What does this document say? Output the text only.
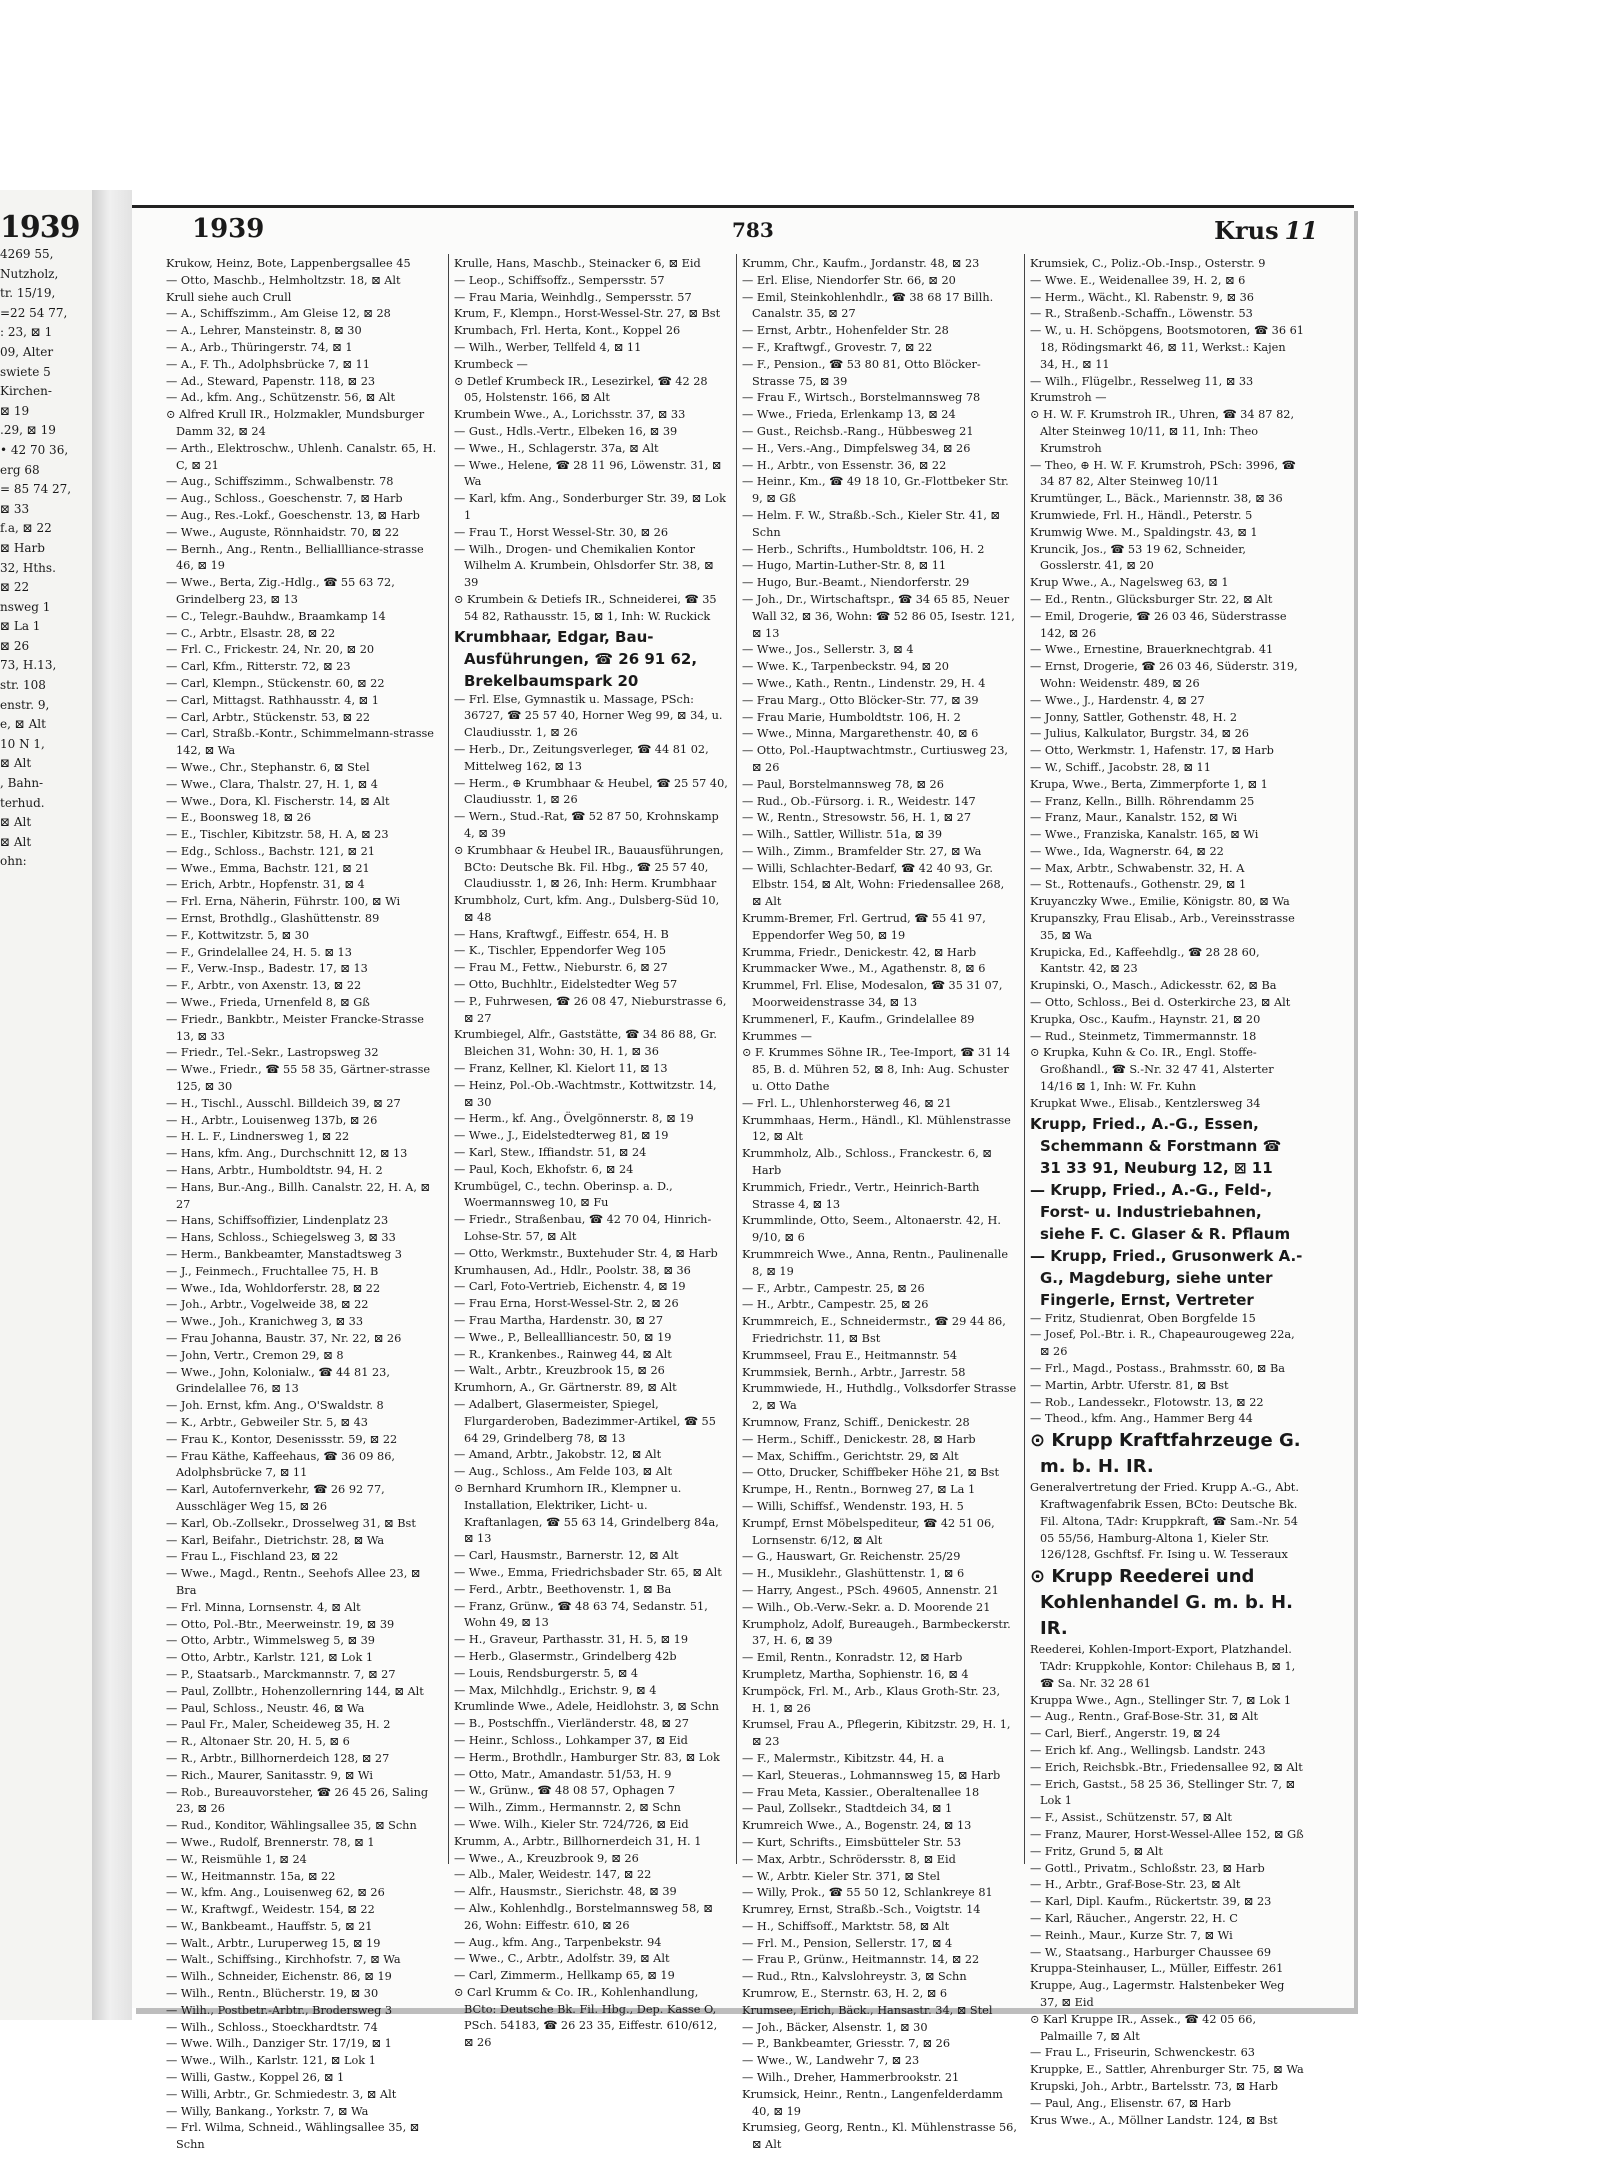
1939
4269 55,
Nutzholz,
tr. 15/19,
=22 54 77,
: 23, ⊠ 1
09, Alter
swiete 5
Kirchen-
⊠ 19
.29, ⊠ 19
• 42 70 36,
erg 68
= 85 74 27,
⊠ 33
f.a, ⊠ 22
⊠ Harb
32, Hths.
⊠ 22
nsweg 1
⊠ La 1
⊠ 26
73, H.13,
str. 108
enstr. 9,
e, ⊠ Alt
10 N 1,
⊠ Alt
, Bahn-
terhud.
⊠ Alt
⊠ Alt
ohn:
1939	783	Krus 11

Krukow, Heinz, Bote, Lappenbergsallee 45

— Otto, Maschb., Helmholtzstr. 18, ⊠ Alt

Krull siehe auch Crull

— A., Schiffszimm., Am Gleise 12, ⊠ 28

— A., Lehrer, Mansteinstr. 8, ⊠ 30

— A., Arb., Thüringerstr. 74, ⊠ 1

— A., F. Th., Adolphsbrücke 7, ⊠ 11

— Ad., Steward, Papenstr. 118, ⊠ 23

— Ad., kfm. Ang., Schützenstr. 56, ⊠ Alt

⊙ Alfred Krull IR., Holzmakler, Mundsburger Damm 32, ⊠ 24

— Arth., Elektroschw., Uhlenh. Canalstr. 65, H. C, ⊠ 21

— Aug., Schiffszimm., Schwalbenstr. 78

— Aug., Schloss., Goeschenstr. 7, ⊠ Harb

— Aug., Res.-Lokf., Goeschenstr. 13, ⊠ Harb

— Wwe., Auguste, Rönnhaidstr. 70, ⊠ 22

— Bernh., Ang., Rentn., Belliallliance-strasse 46, ⊠ 19

— Wwe., Berta, Zig.-Hdlg., ☎ 55 63 72, Grindelberg 23, ⊠ 13

— C., Telegr.-Bauhdw., Braamkamp 14

— C., Arbtr., Elsastr. 28, ⊠ 22

— Frl. C., Frickestr. 24, Nr. 20, ⊠ 20

— Carl, Kfm., Ritterstr. 72, ⊠ 23

— Carl, Klempn., Stückenstr. 60, ⊠ 22

— Carl, Mittagst. Rathhausstr. 4, ⊠ 1

— Carl, Arbtr., Stückenstr. 53, ⊠ 22

— Carl, Straßb.-Kontr., Schimmelmann-strasse 142, ⊠ Wa

— Wwe., Chr., Stephanstr. 6, ⊠ Stel

— Wwe., Clara, Thalstr. 27, H. 1, ⊠ 4

— Wwe., Dora, Kl. Fischerstr. 14, ⊠ Alt

— E., Boonsweg 18, ⊠ 26

— E., Tischler, Kibitzstr. 58, H. A, ⊠ 23

— Edg., Schloss., Bachstr. 121, ⊠ 21

— Wwe., Emma, Bachstr. 121, ⊠ 21

— Erich, Arbtr., Hopfenstr. 31, ⊠ 4

— Frl. Erna, Näherin, Führstr. 100, ⊠ Wi

— Ernst, Brothdlg., Glashüttenstr. 89

— F., Kottwitzstr. 5, ⊠ 30

— F., Grindelallee 24, H. 5. ⊠ 13

— F., Verw.-Insp., Badestr. 17, ⊠ 13

— F., Arbtr., von Axenstr. 13, ⊠ 22

— Wwe., Frieda, Urnenfeld 8, ⊠ Gß

— Friedr., Bankbtr., Meister Francke-Strasse 13, ⊠ 33

— Friedr., Tel.-Sekr., Lastropsweg 32

— Wwe., Friedr., ☎ 55 58 35, Gärtner-strasse 125, ⊠ 30

— H., Tischl., Ausschl. Billdeich 39, ⊠ 27

— H., Arbtr., Louisenweg 137b, ⊠ 26

— H. L. F., Lindnersweg 1, ⊠ 22

— Hans, kfm. Ang., Durchschnitt 12, ⊠ 13

— Hans, Arbtr., Humboldtstr. 94, H. 2

— Hans, Bur.-Ang., Billh. Canalstr. 22, H. A, ⊠ 27

— Hans, Schiffsoffizier, Lindenplatz 23

— Hans, Schloss., Schiegelsweg 3, ⊠ 33

— Herm., Bankbeamter, Manstadtsweg 3

— J., Feinmech., Fruchtallee 75, H. B

— Wwe., Ida, Wohldorferstr. 28, ⊠ 22

— Joh., Arbtr., Vogelweide 38, ⊠ 22

— Wwe., Joh., Kranichweg 3, ⊠ 33

— Frau Johanna, Baustr. 37, Nr. 22, ⊠ 26

— John, Vertr., Cremon 29, ⊠ 8

— Wwe., John, Kolonialw., ☎ 44 81 23, Grindelallee 76, ⊠ 13

— Joh. Ernst, kfm. Ang., O'Swaldstr. 8

— K., Arbtr., Gebweiler Str. 5, ⊠ 43

— Frau K., Kontor, Desenissstr. 59, ⊠ 22

— Frau Käthe, Kaffeehaus, ☎ 36 09 86, Adolphsbrücke 7, ⊠ 11

— Karl, Autofernverkehr, ☎ 26 92 77, Ausschläger Weg 15, ⊠ 26

— Karl, Ob.-Zollsekr., Drosselweg 31, ⊠ Bst

— Karl, Beifahr., Dietrichstr. 28, ⊠ Wa

— Frau L., Fischland 23, ⊠ 22

— Wwe., Magd., Rentn., Seehofs Allee 23, ⊠ Bra

— Frl. Minna, Lornsenstr. 4, ⊠ Alt

— Otto, Pol.-Btr., Meerweinstr. 19, ⊠ 39

— Otto, Arbtr., Wimmelsweg 5, ⊠ 39

— Otto, Arbtr., Karlstr. 121, ⊠ Lok 1

— P., Staatsarb., Marckmannstr. 7, ⊠ 27

— Paul, Zollbtr., Hohenzollernring 144, ⊠ Alt

— Paul, Schloss., Neustr. 46, ⊠ Wa

— Paul Fr., Maler, Scheideweg 35, H. 2

— R., Altonaer Str. 20, H. 5, ⊠ 6

— R., Arbtr., Billhornerdeich 128, ⊠ 27

— Rich., Maurer, Sanitasstr. 9, ⊠ Wi

— Rob., Bureauvorsteher, ☎ 26 45 26, Saling 23, ⊠ 26

— Rud., Konditor, Wählingsallee 35, ⊠ Schn

— Wwe., Rudolf, Brennerstr. 78, ⊠ 1

— W., Reismühle 1, ⊠ 24

— W., Heitmannstr. 15a, ⊠ 22

— W., kfm. Ang., Louisenweg 62, ⊠ 26

— W., Kraftwgf., Weidestr. 154, ⊠ 22

— W., Bankbeamt., Hauffstr. 5, ⊠ 21

— Walt., Arbtr., Luruperweg 15, ⊠ 19

— Walt., Schiffsing., Kirchhofstr. 7, ⊠ Wa

— Wilh., Schneider, Eichenstr. 86, ⊠ 19

— Wilh., Rentn., Blücherstr. 19, ⊠ 30

— Wilh., Postbetr.-Arbtr., Brodersweg 3

— Wilh., Schloss., Stoeckhardtstr. 74

— Wwe. Wilh., Danziger Str. 17/19, ⊠ 1

— Wwe., Wilh., Karlstr. 121, ⊠ Lok 1

— Willi, Gastw., Koppel 26, ⊠ 1

— Willi, Arbtr., Gr. Schmiedestr. 3, ⊠ Alt

— Willy, Bankang., Yorkstr. 7, ⊠ Wa

— Frl. Wilma, Schneid., Wählingsallee 35, ⊠ Schn

Krulle, Hans, Maschb., Steinacker 6, ⊠ Eid

— Leop., Schiffsoffz., Sempersstr. 57

— Frau Maria, Weinhdlg., Sempersstr. 57

Krum, F., Klempn., Horst-Wessel-Str. 27, ⊠ Bst

Krumbach, Frl. Herta, Kont., Koppel 26

— Wilh., Werber, Tellfeld 4, ⊠ 11

Krumbeck —

⊙ Detlef Krumbeck IR., Lesezirkel, ☎ 42 28 05, Holstenstr. 166, ⊠ Alt

Krumbein Wwe., A., Lorichsstr. 37, ⊠ 33

— Gust., Hdls.-Vertr., Elbeken 16, ⊠ 39

— Wwe., H., Schlagerstr. 37a, ⊠ Alt

— Wwe., Helene, ☎ 28 11 96, Löwenstr. 31, ⊠ Wa

— Karl, kfm. Ang., Sonderburger Str. 39, ⊠ Lok 1

— Frau T., Horst Wessel-Str. 30, ⊠ 26

— Wilh., Drogen- und Chemikalien Kontor Wilhelm A. Krumbein, Ohlsdorfer Str. 38, ⊠ 39

⊙ Krumbein & Detiefs IR., Schneiderei, ☎ 35 54 82, Rathausstr. 15, ⊠ 1, Inh: W. Ruckick

Krumbhaar, Edgar, Bau-Ausführungen, ☎ 26 91 62, Brekelbaumspark 20

— Frl. Else, Gymnastik u. Massage, PSch: 36727, ☎ 25 57 40, Horner Weg 99, ⊠ 34, u. Claudiusstr. 1, ⊠ 26

— Herb., Dr., Zeitungsverleger, ☎ 44 81 02, Mittelweg 162, ⊠ 13

— Herm., ⊕ Krumbhaar & Heubel, ☎ 25 57 40, Claudiusstr. 1, ⊠ 26

— Wern., Stud.-Rat, ☎ 52 87 50, Krohnskamp 4, ⊠ 39

⊙ Krumbhaar & Heubel IR., Bauausführungen, BCto: Deutsche Bk. Fil. Hbg., ☎ 25 57 40, Claudiusstr. 1, ⊠ 26, Inh: Herm. Krumbhaar

Krumbholz, Curt, kfm. Ang., Dulsberg-Süd 10, ⊠ 48

— Hans, Kraftwgf., Eiffestr. 654, H. B

— K., Tischler, Eppendorfer Weg 105

— Frau M., Fettw., Nieburstr. 6, ⊠ 27

— Otto, Buchhltr., Eidelstedter Weg 57

— P., Fuhrwesen, ☎ 26 08 47, Nieburstrasse 6, ⊠ 27

Krumbiegel, Alfr., Gaststätte, ☎ 34 86 88, Gr. Bleichen 31, Wohn: 30, H. 1, ⊠ 36

— Franz, Kellner, Kl. Kielort 11, ⊠ 13

— Heinz, Pol.-Ob.-Wachtmstr., Kottwitzstr. 14, ⊠ 30

— Herm., kf. Ang., Övelgönnerstr. 8, ⊠ 19

— Wwe., J., Eidelstedterweg 81, ⊠ 19

— Karl, Stew., Iffiandstr. 51, ⊠ 24

— Paul, Koch, Ekhofstr. 6, ⊠ 24

Krumbügel, C., techn. Oberinsp. a. D., Woermannsweg 10, ⊠ Fu

— Friedr., Straßenbau, ☎ 42 70 04, Hinrich-Lohse-Str. 57, ⊠ Alt

— Otto, Werkmstr., Buxtehuder Str. 4, ⊠ Harb

Krumhausen, Ad., Hdlr., Poolstr. 38, ⊠ 36

— Carl, Foto-Vertrieb, Eichenstr. 4, ⊠ 19

— Frau Erna, Horst-Wessel-Str. 2, ⊠ 26

— Frau Martha, Hardenstr. 30, ⊠ 27

— Wwe., P., Belleallliancestr. 50, ⊠ 19

— R., Krankenbes., Rainweg 44, ⊠ Alt

— Walt., Arbtr., Kreuzbrook 15, ⊠ 26

Krumhorn, A., Gr. Gärtnerstr. 89, ⊠ Alt

— Adalbert, Glasermeister, Spiegel, Flurgarderoben, Badezimmer-Artikel, ☎ 55 64 29, Grindelberg 78, ⊠ 13

— Amand, Arbtr., Jakobstr. 12, ⊠ Alt

— Aug., Schloss., Am Felde 103, ⊠ Alt

⊙ Bernhard Krumhorn IR., Klempner u. Installation, Elektriker, Licht- u. Kraftanlagen, ☎ 55 63 14, Grindelberg 84a, ⊠ 13

— Carl, Hausmstr., Barnerstr. 12, ⊠ Alt

— Wwe., Emma, Friedrichsbader Str. 65, ⊠ Alt

— Ferd., Arbtr., Beethovenstr. 1, ⊠ Ba

— Franz, Grünw., ☎ 48 63 74, Sedanstr. 51, Wohn 49, ⊠ 13

— H., Graveur, Parthasstr. 31, H. 5, ⊠ 19

— Herb., Glasermstr., Grindelberg 42b

— Louis, Rendsburgerstr. 5, ⊠ 4

— Max, Milchhdlg., Erichstr. 9, ⊠ 4

Krumlinde Wwe., Adele, Heidlohstr. 3, ⊠ Schn

— B., Postschffn., Vierländerstr. 48, ⊠ 27

— Heinr., Schloss., Lohkamper 37, ⊠ Eid

— Herm., Brothdlr., Hamburger Str. 83, ⊠ Lok

— Otto, Matr., Amandastr. 51/53, H. 9

— W., Grünw., ☎ 48 08 57, Ophagen 7

— Wilh., Zimm., Hermannstr. 2, ⊠ Schn

— Wwe. Wilh., Kieler Str. 724/726, ⊠ Eid

Krumm, A., Arbtr., Billhornerdeich 31, H. 1

— Wwe., A., Kreuzbrook 9, ⊠ 26

— Alb., Maler, Weidestr. 147, ⊠ 22

— Alfr., Hausmstr., Sierichstr. 48, ⊠ 39

— Alw., Kohlenhdlg., Borstelmannsweg 58, ⊠ 26, Wohn: Eiffestr. 610, ⊠ 26

— Aug., kfm. Ang., Tarpenbekstr. 94

— Wwe., C., Arbtr., Adolfstr. 39, ⊠ Alt

— Carl, Zimmerm., Hellkamp 65, ⊠ 19

⊙ Carl Krumm & Co. IR., Kohlenhandlung, BCto: Deutsche Bk. Fil. Hbg., Dep. Kasse O, PSch. 54183, ☎ 26 23 35, Eiffestr. 610/612, ⊠ 26

Krumm, Chr., Kaufm., Jordanstr. 48, ⊠ 23

— Erl. Elise, Niendorfer Str. 66, ⊠ 20

— Emil, Steinkohlenhdlr., ☎ 38 68 17 Billh. Canalstr. 35, ⊠ 27

— Ernst, Arbtr., Hohenfelder Str. 28

— F., Kraftwgf., Grovestr. 7, ⊠ 22

— F., Pension., ☎ 53 80 81, Otto Blöcker-Strasse 75, ⊠ 39

— Frau F., Wirtsch., Borstelmannsweg 78

— Wwe., Frieda, Erlenkamp 13, ⊠ 24

— Gust., Reichsb.-Rang., Hübbesweg 21

— H., Vers.-Ang., Dimpfelsweg 34, ⊠ 26

— H., Arbtr., von Essenstr. 36, ⊠ 22

— Heinr., Km., ☎ 49 18 10, Gr.-Flottbeker Str. 9, ⊠ Gß

— Helm. F. W., Straßb.-Sch., Kieler Str. 41, ⊠ Schn

— Herb., Schrifts., Humboldtstr. 106, H. 2

— Hugo, Martin-Luther-Str. 8, ⊠ 11

— Hugo, Bur.-Beamt., Niendorferstr. 29

— Joh., Dr., Wirtschaftspr., ☎ 34 65 85, Neuer Wall 32, ⊠ 36, Wohn: ☎ 52 86 05, Isestr. 121, ⊠ 13

— Wwe., Jos., Sellerstr. 3, ⊠ 4

— Wwe. K., Tarpenbeckstr. 94, ⊠ 20

— Wwe., Kath., Rentn., Lindenstr. 29, H. 4

— Frau Marg., Otto Blöcker-Str. 77, ⊠ 39

— Frau Marie, Humboldtstr. 106, H. 2

— Wwe., Minna, Margarethenstr. 40, ⊠ 6

— Otto, Pol.-Hauptwachtmstr., Curtiusweg 23, ⊠ 26

— Paul, Borstelmannsweg 78, ⊠ 26

— Rud., Ob.-Fürsorg. i. R., Weidestr. 147

— W., Rentn., Stresowstr. 56, H. 1, ⊠ 27

— Wilh., Sattler, Willistr. 51a, ⊠ 39

— Wilh., Zimm., Bramfelder Str. 27, ⊠ Wa

— Willi, Schlachter-Bedarf, ☎ 42 40 93, Gr. Elbstr. 154, ⊠ Alt, Wohn: Friedensallee 268, ⊠ Alt

Krumm-Bremer, Frl. Gertrud, ☎ 55 41 97, Eppendorfer Weg 50, ⊠ 19

Krumma, Friedr., Denickestr. 42, ⊠ Harb

Krummacker Wwe., M., Agathenstr. 8, ⊠ 6

Krummel, Frl. Elise, Modesalon, ☎ 35 31 07, Moorweidenstrasse 34, ⊠ 13

Krummenerl, F., Kaufm., Grindelallee 89

Krummes —

⊙ F. Krummes Söhne IR., Tee-Import, ☎ 31 14 85, B. d. Mühren 52, ⊠ 8, Inh: Aug. Schuster u. Otto Dathe

— Frl. L., Uhlenhorsterweg 46, ⊠ 21

Krummhaas, Herm., Händl., Kl. Mühlenstrasse 12, ⊠ Alt

Krummholz, Alb., Schloss., Franckestr. 6, ⊠ Harb

Krummich, Friedr., Vertr., Heinrich-Barth Strasse 4, ⊠ 13

Krummlinde, Otto, Seem., Altonaerstr. 42, H. 9/10, ⊠ 6

Krummreich Wwe., Anna, Rentn., Paulinenalle 8, ⊠ 19

— F., Arbtr., Campestr. 25, ⊠ 26

— H., Arbtr., Campestr. 25, ⊠ 26

Krummreich, E., Schneidermstr., ☎ 29 44 86, Friedrichstr. 11, ⊠ Bst

Krummseel, Frau E., Heitmannstr. 54

Krummsiek, Bernh., Arbtr., Jarrestr. 58

Krummwiede, H., Huthdlg., Volksdorfer Strasse 2, ⊠ Wa

Krumnow, Franz, Schiff., Denickestr. 28

— Herm., Schiff., Denickestr. 28, ⊠ Harb

— Max, Schiffm., Gerichtstr. 29, ⊠ Alt

— Otto, Drucker, Schiffbeker Höhe 21, ⊠ Bst

Krumpe, H., Rentn., Bornweg 27, ⊠ La 1

— Willi, Schiffsf., Wendenstr. 193, H. 5

Krumpf, Ernst Möbelspediteur, ☎ 42 51 06, Lornsenstr. 6/12, ⊠ Alt

— G., Hauswart, Gr. Reichenstr. 25/29

— H., Musiklehr., Glashüttenstr. 1, ⊠ 6

— Harry, Angest., PSch. 49605, Annenstr. 21

— Wilh., Ob.-Verw.-Sekr. a. D. Moorende 21

Krumpholz, Adolf, Bureaugeh., Barmbeckerstr. 37, H. 6, ⊠ 39

— Emil, Rentn., Konradstr. 12, ⊠ Harb

Krumpletz, Martha, Sophienstr. 16, ⊠ 4

Krumpöck, Frl. M., Arb., Klaus Groth-Str. 23, H. 1, ⊠ 26

Krumsel, Frau A., Pflegerin, Kibitzstr. 29, H. 1, ⊠ 23

— F., Malermstr., Kibitzstr. 44, H. a

— Karl, Steueras., Lohmannsweg 15, ⊠ Harb

— Frau Meta, Kassier., Oberaltenallee 18

— Paul, Zollsekr., Stadtdeich 34, ⊠ 1

Krumreich Wwe., A., Bogenstr. 24, ⊠ 13

— Kurt, Schrifts., Eimsbütteler Str. 53

— Max, Arbtr., Schrödersstr. 8, ⊠ Eid

— W., Arbtr. Kieler Str. 371, ⊠ Stel

— Willy, Prok., ☎ 55 50 12, Schlankreye 81

Krumrey, Ernst, Straßb.-Sch., Voigtstr. 14

— H., Schiffsoff., Marktstr. 58, ⊠ Alt

— Frl. M., Pension, Sellerstr. 17, ⊠ 4

— Frau P., Grünw., Heitmannstr. 14, ⊠ 22

— Rud., Rtn., Kalvslohreystr. 3, ⊠ Schn

Krumrow, E., Sternstr. 63, H. 2, ⊠ 6

Krumsee, Erich, Bäck., Hansastr. 34, ⊠ Stel

— Joh., Bäcker, Alsenstr. 1, ⊠ 30

— P., Bankbeamter, Griesstr. 7, ⊠ 26

— Wwe., W., Landwehr 7, ⊠ 23

— Wilh., Dreher, Hammerbrookstr. 21

Krumsick, Heinr., Rentn., Langenfelderdamm 40, ⊠ 19

Krumsieg, Georg, Rentn., Kl. Mühlenstrasse 56, ⊠ Alt

Krumsiek, C., Poliz.-Ob.-Insp., Osterstr. 9

— Wwe. E., Weidenallee 39, H. 2, ⊠ 6

— Herm., Wächt., Kl. Rabenstr. 9, ⊠ 36

— R., Straßenb.-Schaffn., Löwenstr. 53

— W., u. H. Schöpgens, Bootsmotoren, ☎ 36 61 18, Rödingsmarkt 46, ⊠ 11, Werkst.: Kajen 34, H., ⊠ 11

— Wilh., Flügelbr., Resselweg 11, ⊠ 33

Krumstroh —

⊙ H. W. F. Krumstroh IR., Uhren, ☎ 34 87 82, Alter Steinweg 10/11, ⊠ 11, Inh: Theo Krumstroh

— Theo, ⊕ H. W. F. Krumstroh, PSch: 3996, ☎ 34 87 82, Alter Steinweg 10/11

Krumtünger, L., Bäck., Mariennstr. 38, ⊠ 36

Krumwiede, Frl. H., Händl., Peterstr. 5

Krumwig Wwe. M., Spaldingstr. 43, ⊠ 1

Kruncik, Jos., ☎ 53 19 62, Schneider, Gosslerstr. 41, ⊠ 20

Krup Wwe., A., Nagelsweg 63, ⊠ 1

— Ed., Rentn., Glücksburger Str. 22, ⊠ Alt

— Emil, Drogerie, ☎ 26 03 46, Süderstrasse 142, ⊠ 26

— Wwe., Ernestine, Brauerknechtgrab. 41

— Ernst, Drogerie, ☎ 26 03 46, Süderstr. 319, Wohn: Weidenstr. 489, ⊠ 26

— Wwe., J., Hardenstr. 4, ⊠ 27

— Jonny, Sattler, Gothenstr. 48, H. 2

— Julius, Kalkulator, Burgstr. 34, ⊠ 26

— Otto, Werkmstr. 1, Hafenstr. 17, ⊠ Harb

— W., Schiff., Jacobstr. 28, ⊠ 11

Krupa, Wwe., Berta, Zimmerpforte 1, ⊠ 1

— Franz, Kelln., Billh. Röhrendamm 25

— Franz, Maur., Kanalstr. 152, ⊠ Wi

— Wwe., Franziska, Kanalstr. 165, ⊠ Wi

— Wwe., Ida, Wagnerstr. 64, ⊠ 22

— Max, Arbtr., Schwabenstr. 32, H. A

— St., Rottenaufs., Gothenstr. 29, ⊠ 1

Kruyanczky Wwe., Emilie, Königstr. 80, ⊠ Wa

Krupanszky, Frau Elisab., Arb., Vereinsstrasse 35, ⊠ Wa

Krupicka, Ed., Kaffeehdlg., ☎ 28 28 60, Kantstr. 42, ⊠ 23

Krupinski, O., Masch., Adickesstr. 62, ⊠ Ba

— Otto, Schloss., Bei d. Osterkirche 23, ⊠ Alt

Krupka, Osc., Kaufm., Haynstr. 21, ⊠ 20

— Rud., Steinmetz, Timmermannstr. 18

⊙ Krupka, Kuhn & Co. IR., Engl. Stoffe-Großhandl., ☎ S.-Nr. 32 47 41, Alsterter 14/16 ⊠ 1, Inh: W. Fr. Kuhn

Krupkat Wwe., Elisab., Kentzlersweg 34

Krupp, Fried., A.-G., Essen, Schemmann & Forstmann ☎ 31 33 91, Neuburg 12, ⊠ 11

— Krupp, Fried., A.-G., Feld-, Forst- u. Industriebahnen, siehe F. C. Glaser & R. Pflaum

— Krupp, Fried., Grusonwerk A.-G., Magdeburg, siehe unter Fingerle, Ernst, Vertreter

— Fritz, Studienrat, Oben Borgfelde 15

— Josef, Pol.-Btr. i. R., Chapeaurougeweg 22a, ⊠ 26

— Frl., Magd., Postass., Brahmsstr. 60, ⊠ Ba

— Martin, Arbtr. Uferstr. 81, ⊠ Bst

— Rob., Landessekr., Flotowstr. 13, ⊠ 22

— Theod., kfm. Ang., Hammer Berg 44

⊙ Krupp Kraftfahrzeuge G. m. b. H. IR.

Generalvertretung der Fried. Krupp A.-G., Abt. Kraftwagenfabrik Essen, BCto: Deutsche Bk. Fil. Altona, TAdr: Kruppkraft, ☎ Sam.-Nr. 54 05 55/56, Hamburg-Altona 1, Kieler Str. 126/128, Gschftsf. Fr. Ising u. W. Tesseraux

⊙ Krupp Reederei und Kohlenhandel G. m. b. H. IR.

Reederei, Kohlen-Import-Export, Platzhandel. TAdr: Kruppkohle, Kontor: Chilehaus B, ⊠ 1, ☎ Sa. Nr. 32 28 61

Kruppa Wwe., Agn., Stellinger Str. 7, ⊠ Lok 1

— Aug., Rentn., Graf-Bose-Str. 31, ⊠ Alt

— Carl, Bierf., Angerstr. 19, ⊠ 24

— Erich kf. Ang., Wellingsb. Landstr. 243

— Erich, Reichsbk.-Btr., Friedensallee 92, ⊠ Alt

— Erich, Gastst., 58 25 36, Stellinger Str. 7, ⊠ Lok 1

— F., Assist., Schützenstr. 57, ⊠ Alt

— Franz, Maurer, Horst-Wessel-Allee 152, ⊠ Gß

— Fritz, Grund 5, ⊠ Alt

— Gottl., Privatm., Schloßstr. 23, ⊠ Harb

— H., Arbtr., Graf-Bose-Str. 23, ⊠ Alt

— Karl, Dipl. Kaufm., Rückertstr. 39, ⊠ 23

— Karl, Räucher., Angerstr. 22, H. C

— Reinh., Maur., Kurze Str. 7, ⊠ Wi

— W., Staatsang., Harburger Chaussee 69

Kruppa-Steinhauser, L., Müller, Eiffestr. 261

Kruppe, Aug., Lagermstr. Halstenbeker Weg 37, ⊠ Eid

⊙ Karl Kruppe IR., Assek., ☎ 42 05 66, Palmaille 7, ⊠ Alt

— Frau L., Friseurin, Schwenckestr. 63

Kruppke, E., Sattler, Ahrenburger Str. 75, ⊠ Wa

Krupski, Joh., Arbtr., Bartelsstr. 73, ⊠ Harb

— Paul, Ang., Elisenstr. 67, ⊠ Harb

Krus Wwe., A., Möllner Landstr. 124, ⊠ Bst
